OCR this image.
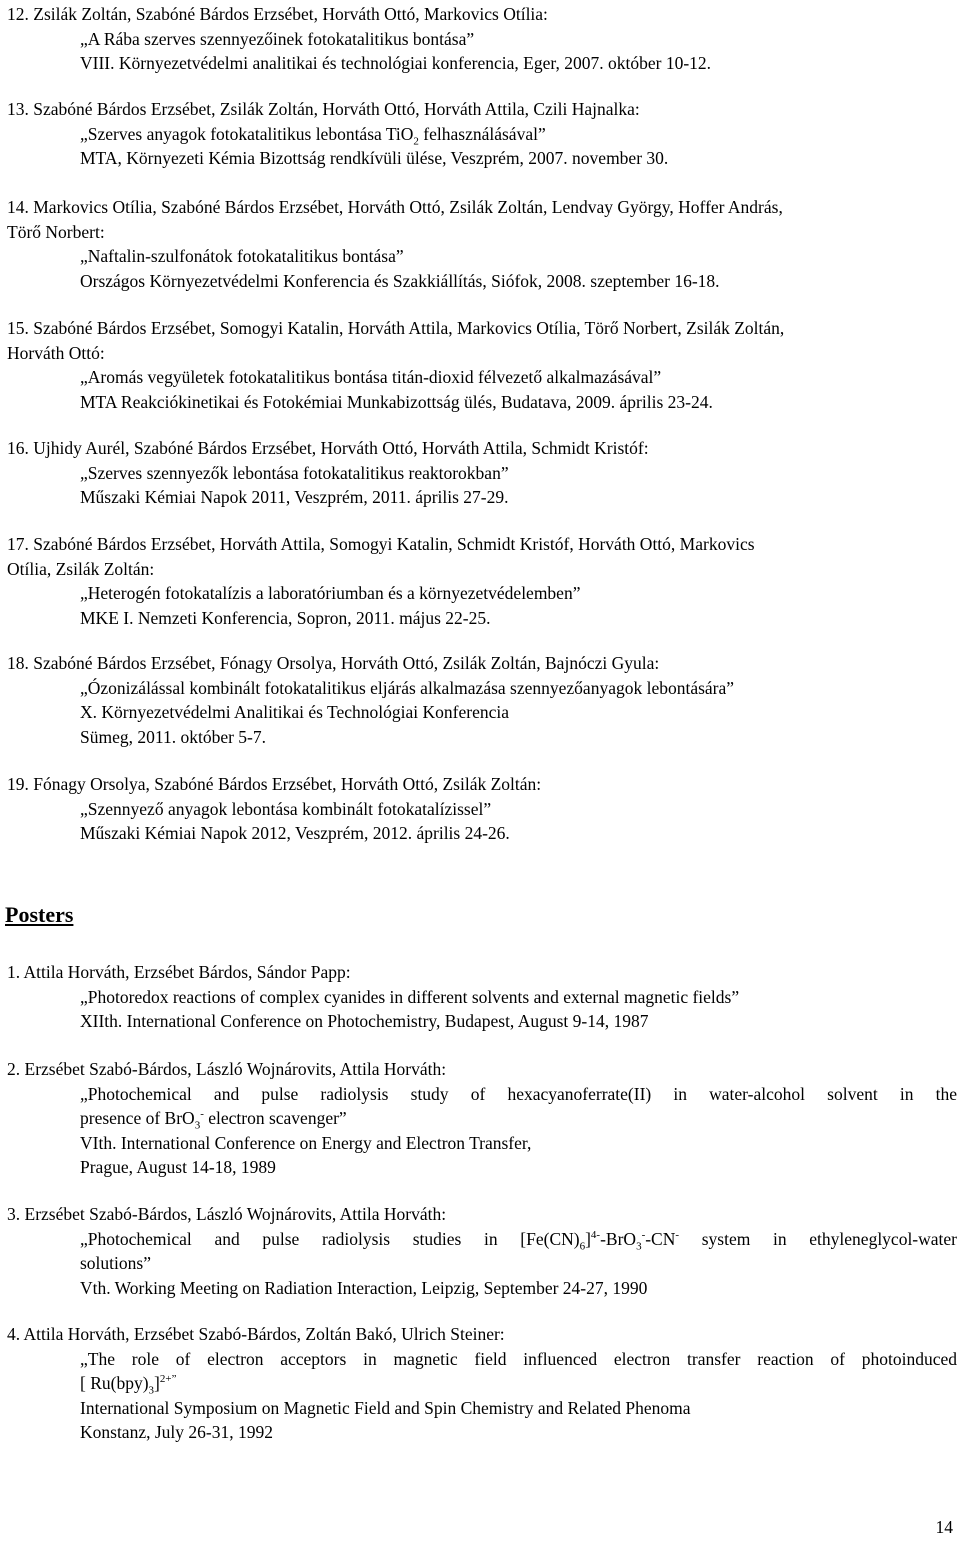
12. Zsilák Zoltán, Szabóné Bárdos Erzsébet, Horváth Ottó, Markovics Otília:
„A Rába szerves szennyezőinek fotokatalitikus bontása”
VIII. Környezetvédelmi analitikai és technológiai konferencia, Eger, 2007. október 10-12.
13. Szabóné Bárdos Erzsébet, Zsilák Zoltán, Horváth Ottó, Horváth Attila, Czili Hajnalka:
„Szerves anyagok fotokatalitikus lebontása TiO$_2$ felhasználásával”
MTA, Környezeti Kémia Bizottság rendkívüli ülése, Veszprém, 2007. november 30.
14. Markovics Otília, Szabóné Bárdos Erzsébet, Horváth Ottó, Zsilák Zoltán, Lendvay György, Hoffer András,
Törő Norbert:
„Naftalin-szulfonátok fotokatalitikus bontása”
Országos Környezetvédelmi Konferencia és Szakkiállítás, Siófok, 2008. szeptember 16-18.
15. Szabóné Bárdos Erzsébet, Somogyi Katalin, Horváth Attila, Markovics Otília, Törő Norbert, Zsilák Zoltán,
Horváth Ottó:
„Aromás vegyületek fotokatalitikus bontása titán-dioxid félvezető alkalmazásával”
MTA Reakciókinetikai és Fotokémiai Munkabizottság ülés, Budatava, 2009. április 23-24.
16. Ujhidy Aurél, Szabóné Bárdos Erzsébet, Horváth Ottó, Horváth Attila, Schmidt Kristóf:
„Szerves szennyezők lebontása fotokatalitikus reaktorokban”
Műszaki Kémiai Napok 2011, Veszprém, 2011. április 27-29.
17. Szabóné Bárdos Erzsébet, Horváth Attila, Somogyi Katalin, Schmidt Kristóf, Horváth Ottó, Markovics
Otília, Zsilák Zoltán:
„Heterogén fotokatalízis a laboratóriumban és a környezetvédelemben”
MKE I. Nemzeti Konferencia, Sopron, 2011. május 22-25.
18. Szabóné Bárdos Erzsébet, Fónagy Orsolya, Horváth Ottó, Zsilák Zoltán, Bajnóczi Gyula:
„Ózonizálással kombinált fotokatalitikus eljárás alkalmazása szennyezőanyagok lebontására”
X. Környezetvédelmi Analitikai és Technológiai Konferencia
Sümeg, 2011. október 5-7.
19. Fónagy Orsolya, Szabóné Bárdos Erzsébet, Horváth Ottó, Zsilák Zoltán:
„Szennyező anyagok lebontása kombinált fotokatalízissel”
Műszaki Kémiai Napok 2012, Veszprém, 2012. április 24-26.
Posters
1. Attila Horváth, Erzsébet Bárdos, Sándor Papp:
„Photoredox reactions of complex cyanides in different solvents and external magnetic fields”
XIIth. International Conference on Photochemistry, Budapest, August 9-14, 1987
2. Erzsébet Szabó-Bárdos, László Wojnárovits, Attila Horváth:
„Photochemical and pulse radiolysis study of hexacyanoferrate(II) in water-alcohol solvent in the
presence of BrO$_3$- electron scavenger”
VIth. International Conference on Energy and Electron Transfer,
Prague, August 14-18, 1989
3. Erzsébet Szabó-Bárdos, László Wojnárovits, Attila Horváth:
„Photochemical and pulse radiolysis studies in $[Fe(CN)_6]^{4-}-BrO_3^--CN^-$ system in ethyleneglycol-water
solutions”
Vth. Working Meeting on Radiation Interaction, Leipzig, September 24-27, 1990
4. Attila Horváth, Erzsébet Szabó-Bárdos, Zoltán Bakó, Ulrich Steiner:
„The role of electron acceptors in magnetic field influenced electron transfer reaction of photoinduced
[ $Ru(bpy)_3]^{2+”}$
International Symposium on Magnetic Field and Spin Chemistry and Related Phenoma
Konstanz, July 26-31, 1992
14
